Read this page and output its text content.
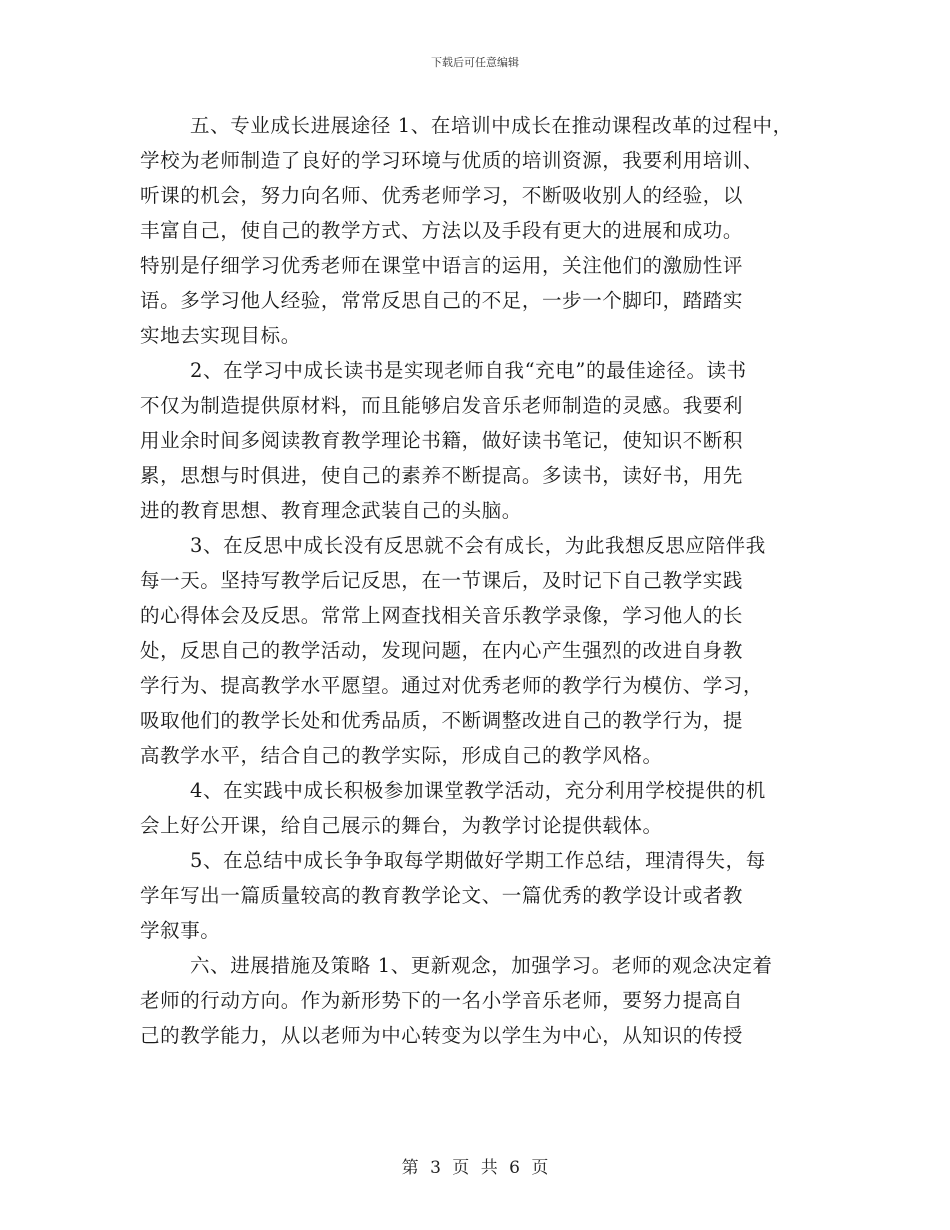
下载后可任意编辑
五、专业成长进展途径 1、在培训中成长在推动课程改革的过程中，
学校为老师制造了良好的学习环境与优质的培训资源，我要利用培训、
听课的机会，努力向名师、优秀老师学习，不断吸收别人的经验，以
丰富自己，使自己的教学方式、方法以及手段有更大的进展和成功。
特别是仔细学习优秀老师在课堂中语言的运用，关注他们的激励性评
语。多学习他人经验，常常反思自己的不足，一步一个脚印，踏踏实
实地去实现目标。
2、在学习中成长读书是实现老师自我“充电”的最佳途径。读书
不仅为制造提供原材料，而且能够启发音乐老师制造的灵感。我要利
用业余时间多阅读教育教学理论书籍，做好读书笔记，使知识不断积
累，思想与时俱进，使自己的素养不断提高。多读书，读好书，用先
进的教育思想、教育理念武装自己的头脑。
3、在反思中成长没有反思就不会有成长，为此我想反思应陪伴我
每一天。坚持写教学后记反思，在一节课后，及时记下自己教学实践
的心得体会及反思。常常上网查找相关音乐教学录像，学习他人的长
处，反思自己的教学活动，发现问题，在内心产生强烈的改进自身教
学行为、提高教学水平愿望。通过对优秀老师的教学行为模仿、学习，
吸取他们的教学长处和优秀品质，不断调整改进自己的教学行为，提
高教学水平，结合自己的教学实际，形成自己的教学风格。
4、在实践中成长积极参加课堂教学活动，充分利用学校提供的机
会上好公开课，给自己展示的舞台，为教学讨论提供载体。
5、在总结中成长争争取每学期做好学期工作总结，理清得失，每
学年写出一篇质量较高的教育教学论文、一篇优秀的教学设计或者教
学叙事。
六、进展措施及策略 1、更新观念，加强学习。老师的观念决定着
老师的行动方向。作为新形势下的一名小学音乐老师，要努力提高自
己的教学能力，从以老师为中心转变为以学生为中心，从知识的传授
第 3 页 共 6 页
